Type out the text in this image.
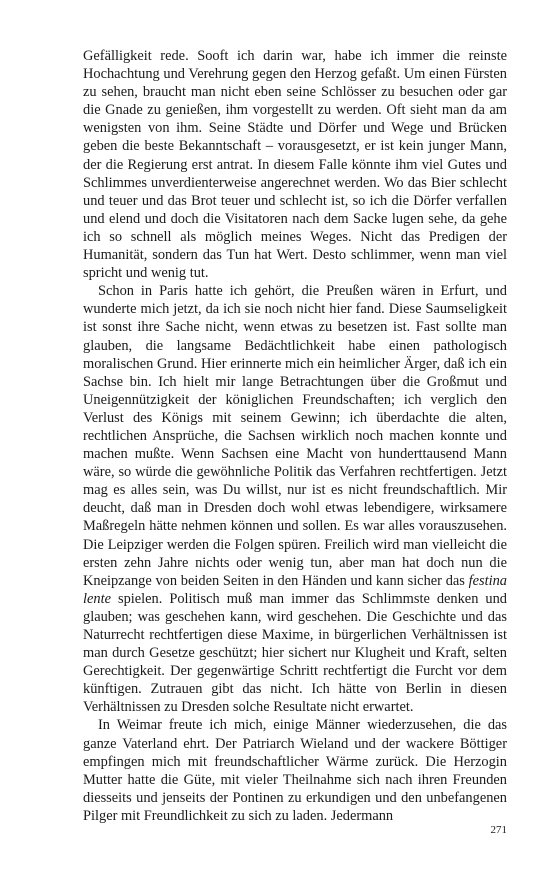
Gefälligkeit rede. Sooft ich darin war, habe ich immer die reinste Hochachtung und Verehrung gegen den Herzog gefaßt. Um einen Fürsten zu sehen, braucht man nicht eben seine Schlösser zu besuchen oder gar die Gnade zu genießen, ihm vorgestellt zu werden. Oft sieht man da am wenigsten von ihm. Seine Städte und Dörfer und Wege und Brücken geben die beste Bekanntschaft – vorausgesetzt, er ist kein junger Mann, der die Regierung erst antrat. In diesem Falle könnte ihm viel Gutes und Schlimmes unverdienterweise angerechnet werden. Wo das Bier schlecht und teuer und das Brot teuer und schlecht ist, so ich die Dörfer verfallen und elend und doch die Visitatoren nach dem Sacke lugen sehe, da gehe ich so schnell als möglich meines Weges. Nicht das Predigen der Humanität, sondern das Tun hat Wert. Desto schlimmer, wenn man viel spricht und wenig tut.

Schon in Paris hatte ich gehört, die Preußen wären in Erfurt, und wunderte mich jetzt, da ich sie noch nicht hier fand. Diese Saumseligkeit ist sonst ihre Sache nicht, wenn etwas zu besetzen ist. Fast sollte man glauben, die langsame Bedächtlichkeit habe einen pathologisch moralischen Grund. Hier erinnerte mich ein heimlicher Ärger, daß ich ein Sachse bin. Ich hielt mir lange Betrachtungen über die Großmut und Uneigennützigkeit der königlichen Freundschaften; ich verglich den Verlust des Königs mit seinem Gewinn; ich überdachte die alten, rechtlichen Ansprüche, die Sachsen wirklich noch machen konnte und machen mußte. Wenn Sachsen eine Macht von hunderttausend Mann wäre, so würde die gewöhnliche Politik das Verfahren rechtfertigen. Jetzt mag es alles sein, was Du willst, nur ist es nicht freundschaftlich. Mir deucht, daß man in Dresden doch wohl etwas lebendigere, wirksamere Maßregeln hätte nehmen können und sollen. Es war alles vorauszusehen. Die Leipziger werden die Folgen spüren. Freilich wird man vielleicht die ersten zehn Jahre nichts oder wenig tun, aber man hat doch nun die Kneipzange von beiden Seiten in den Händen und kann sicher das festina lente spielen. Politisch muß man immer das Schlimmste denken und glauben; was geschehen kann, wird geschehen. Die Geschichte und das Naturrecht rechtfertigen diese Maxime, in bürgerlichen Verhältnissen ist man durch Gesetze geschützt; hier sichert nur Klugheit und Kraft, selten Gerechtigkeit. Der gegenwärtige Schritt rechtfertigt die Furcht vor dem künftigen. Zutrauen gibt das nicht. Ich hätte von Berlin in diesen Verhältnissen zu Dresden solche Resultate nicht erwartet.

In Weimar freute ich mich, einige Männer wiederzusehen, die das ganze Vaterland ehrt. Der Patriarch Wieland und der wackere Böttiger empfingen mich mit freundschaftlicher Wärme zurück. Die Herzogin Mutter hatte die Güte, mit vieler Theilnahme sich nach ihren Freunden diesseits und jenseits der Pontinen zu erkundigen und den unbefangenen Pilger mit Freundlichkeit zu sich zu laden. Jedermann

271
